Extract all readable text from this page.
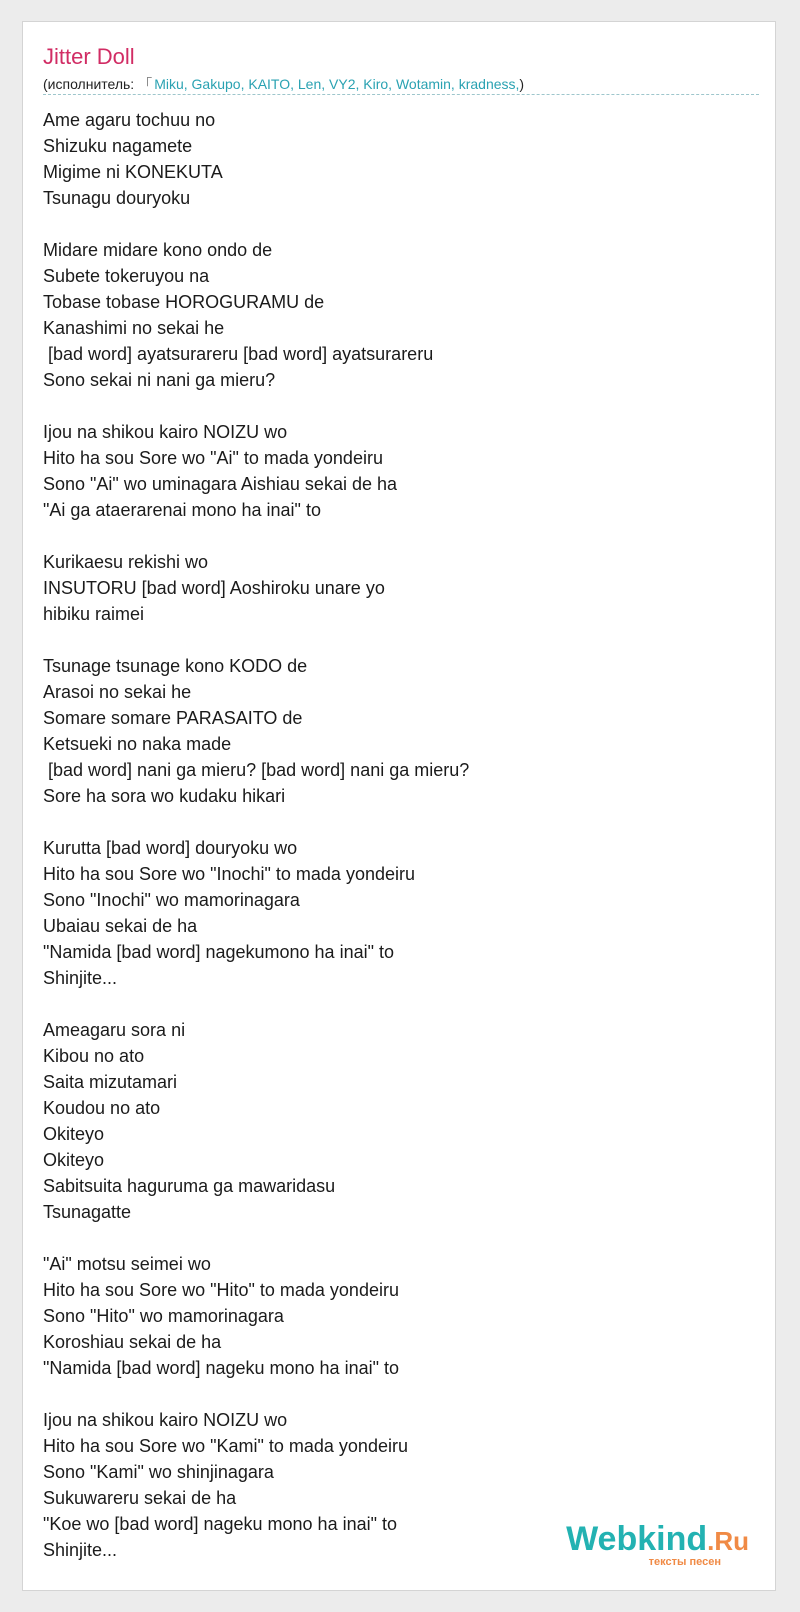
Jitter Doll
(исполнитель: 「 Miku, Gakupo, KAITO, Len, VY2, Kiro, Wotamin, kradness,)
Ame agaru tochuu no
Shizuku nagamete
Migime ni KONEKUTA
Tsunagu douryoku
Midare midare kono ondo de
Subete tokeruyou na
Tobase tobase HOROGURAMU de
Kanashimi no sekai he
[bad word] ayatsurareru [bad word] ayatsurareru
Sono sekai ni nani ga mieru?
Ijou na shikou kairo NOIZU wo
Hito ha sou Sore wo "Ai" to mada yondeiru
Sono "Ai" wo uminagara Aishiau sekai de ha
"Ai ga ataerarenai mono ha inai" to
Kurikaesu rekishi wo
INSUTORU [bad word] Aoshiroku unare yo
hibiku raimei
Tsunage tsunage kono KODO de
Arasoi no sekai he
Somare somare PARASAITO de
Ketsueki no naka made
[bad word] nani ga mieru? [bad word] nani ga mieru?
Sore ha sora wo kudaku hikari
Kurutta [bad word] douryoku wo
Hito ha sou Sore wo "Inochi" to mada yondeiru
Sono "Inochi" wo mamorinagara
Ubaiau sekai de ha
"Namida [bad word] nagekumono ha inai" to
Shinjite...
Ameagaru sora ni
Kibou no ato
Saita mizutamari
Koudou no ato
Okiteyo
Okiteyo
Sabitsuita haguruma ga mawaridasu
Tsunagatte
"Ai" motsu seimei wo
Hito ha sou Sore wo "Hito" to mada yondeiru
Sono "Hito" wo mamorinagara
Koroshiau sekai de ha
"Namida [bad word] nageku mono ha inai" to
Ijou na shikou kairo NOIZU wo
Hito ha sou Sore wo "Kami" to mada yondeiru
Sono "Kami" wo shinjinagara
Sukuwareru sekai de ha
"Koe wo [bad word] nageku mono ha inai" to
Shinjite...	Webkind.Ru
тексты песен
